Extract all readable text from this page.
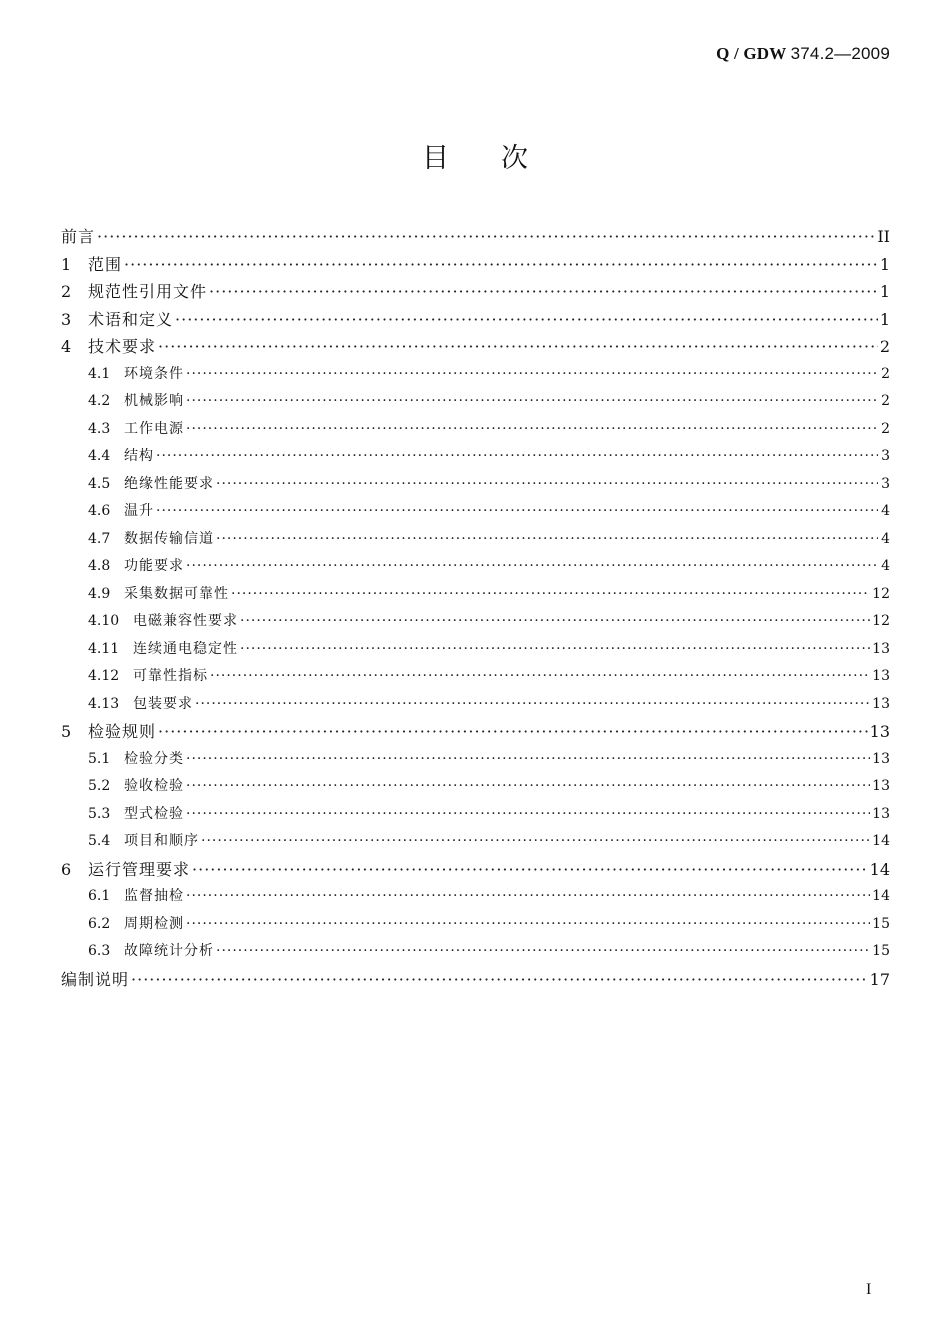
Q / GDW 374.2—2009
目 次
前言 ·····	II
1	范围 ·····	1
2	规范性引用文件 ·····	1
3	术语和定义 ·····	1
4	技术要求 ·····	2
4.1 环境条件 ·····	2
4.2 机械影响 ·····	2
4.3 工作电源 ·····	2
4.4 结构 ·····	3
4.5 绝缘性能要求 ·····	3
4.6 温升 ·····	4
4.7 数据传输信道 ·····	4
4.8 功能要求 ·····	4
4.9 采集数据可靠性 ·····	12
4.10 电磁兼容性要求 ·····	12
4.11 连续通电稳定性 ·····	13
4.12 可靠性指标 ·····	13
4.13 包装要求 ·····	13
5	检验规则 ·····	13
5.1 检验分类 ·····	13
5.2 验收检验 ·····	13
5.3 型式检验 ·····	13
5.4 项目和顺序 ·····	14
6	运行管理要求 ·····	14
6.1 监督抽检 ·····	14
6.2 周期检测 ·····	15
6.3 故障统计分析 ·····	15
编制说明 ·····	17
I
